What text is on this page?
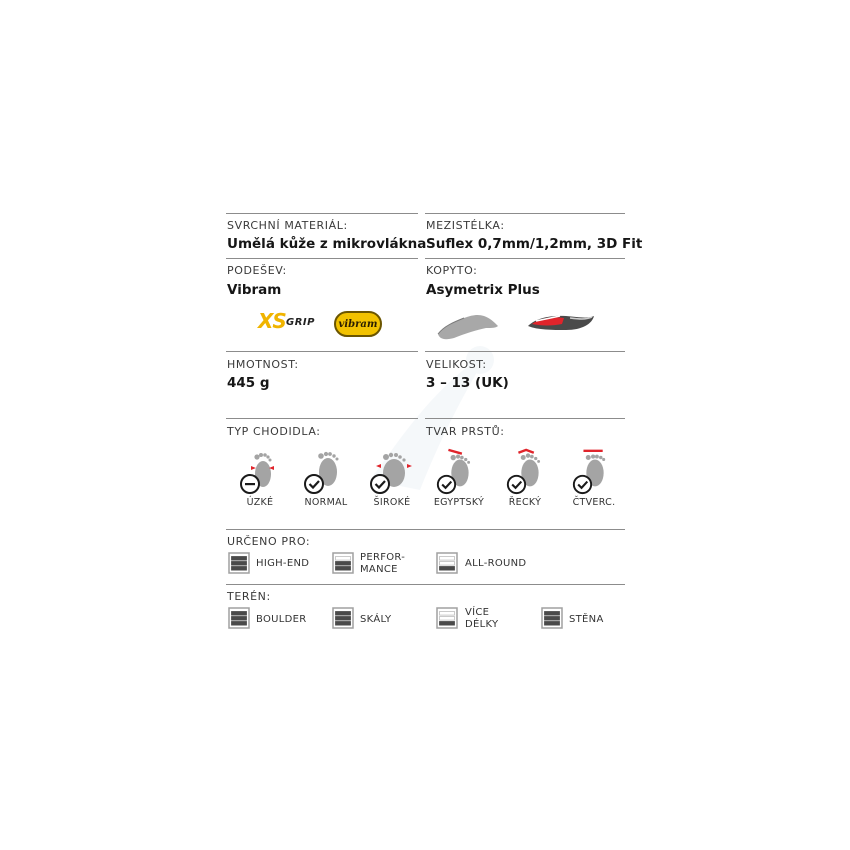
SVRCHNÍ MATERIÁL:
Umělá kůže z mikrovlákna
MEZISTÉLKA:
Suflex 0,7mm/1,2mm, 3D Fit
PODEŠEV:
Vibram
XS GRIP vibram
KOPYTO:
Asymetrix Plus
HMOTNOST:
445 g
VELIKOST:
3 – 13 (UK)
TYP CHODIDLA:	TVAR PRSTŮ:
ÚZKÉ	NORMAL	ŠIROKÉ	EGYPTSKÝ	ŘECKÝ	ČTVERC.
URČENO PRO:
HIGH-END
PERFOR-
MANCE
ALL-ROUND
TERÉN:
BOULDER	SKÁLY
VÍCE
DÉLKY	STĚNA
